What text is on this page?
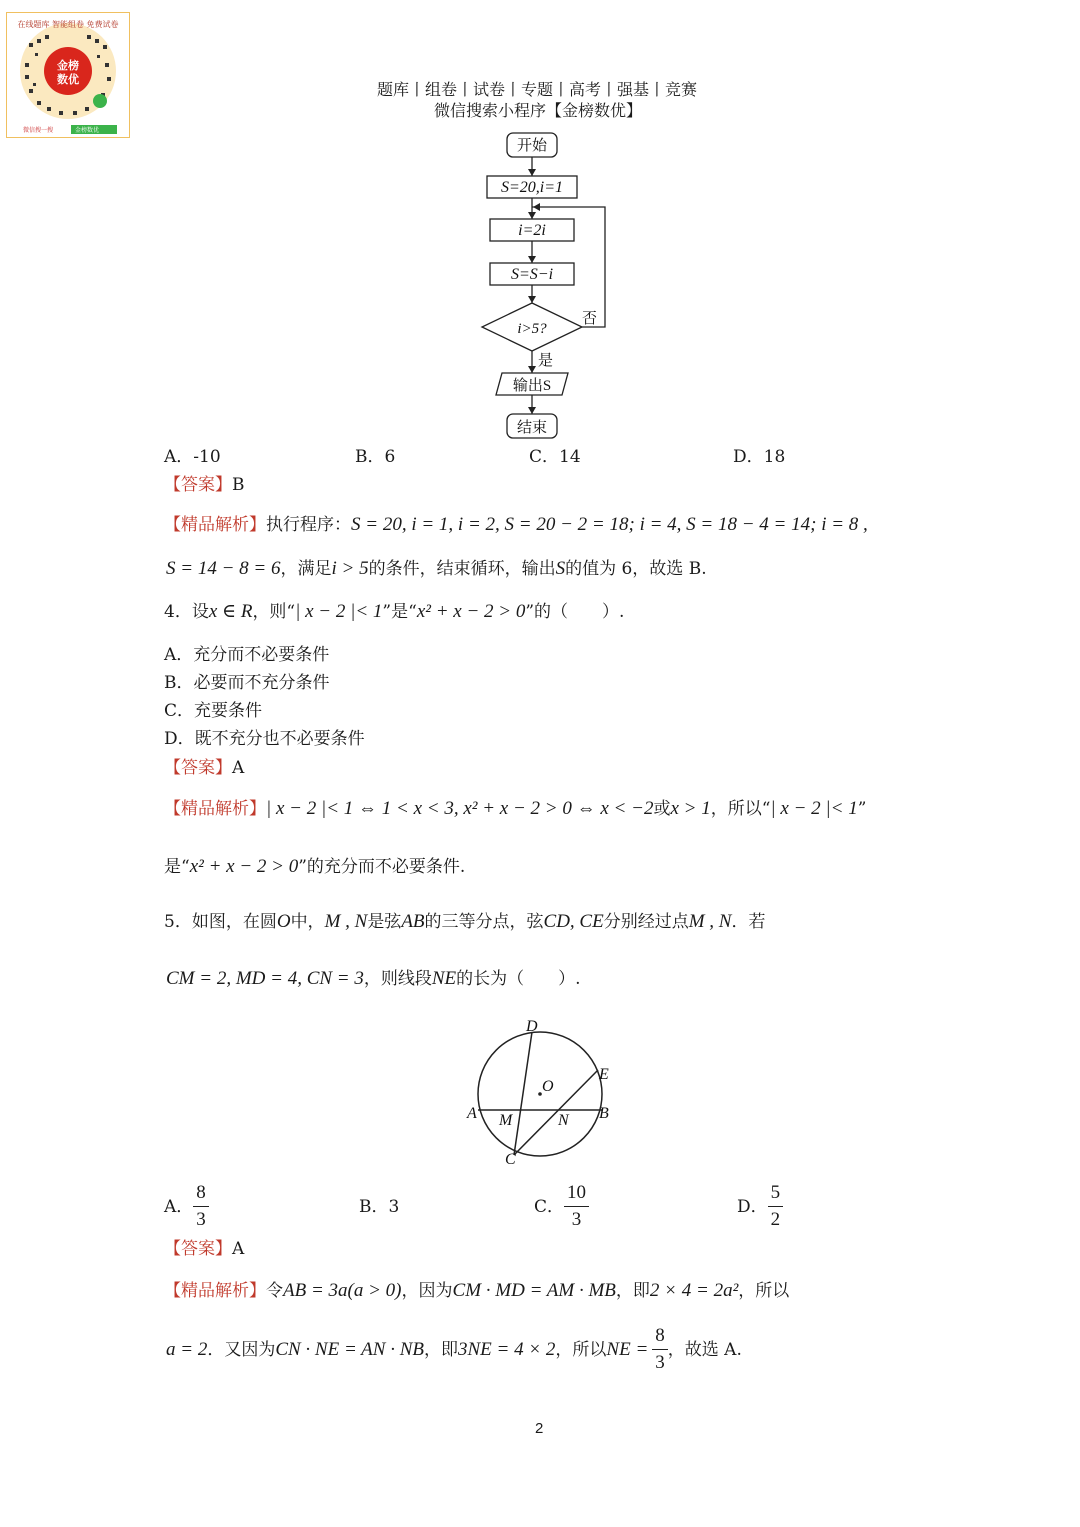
金榜
数优
在线题库 智能组卷 免费试卷
微信搜一搜	金榜数优
题库丨组卷丨试卷丨专题丨高考丨强基丨竞赛
微信搜索小程序【金榜数优】
开始
S=20,i=1
i=2i
S=S−i
i>5?
否
是
输出S
结束
A．-10	B．6	C．14	D．18
【答案】B
【精品解析】执行程序：S = 20, i = 1, i = 2, S = 20 − 2 = 18; i = 4, S = 18 − 4 = 14; i = 8 ,
S = 14 − 8 = 6，满足i > 5的条件，结束循环，输出S的值为 6，故选 B.
4．设x ∈ R，则“| x − 2 |< 1”是“x² + x − 2 > 0”的（　　）.
A．充分而不必要条件
B．必要而不充分条件
C．充要条件
D．既不充分也不必要条件
【答案】A
【精品解析】| x − 2 |< 1 ⇔ 1 < x < 3, x² + x − 2 > 0 ⇔ x < −2或x > 1，所以“| x − 2 |< 1”
是“x² + x − 2 > 0”的充分而不必要条件.
5．如图，在圆O中，M , N是弦AB的三等分点，弦CD, CE分别经过点M , N．若
CM = 2, MD = 4, CN = 3，则线段NE的长为（　　）.
D
O
E
A M	N B
C
A． $\frac{8}{3}$	B．3	C． $\frac{10}{3}$	D． $\frac{5}{2}$
【答案】A
【精品解析】令AB = 3a(a > 0)，因为CM · MD = AM · MB，即2 × 4 = 2a²，所以
a = 2 ．又因为 CN · NE = AN · NB ，即 3NE = 4 × 2 ，所以 NE = $\frac{8}{3}$ ，故选 A.
2
